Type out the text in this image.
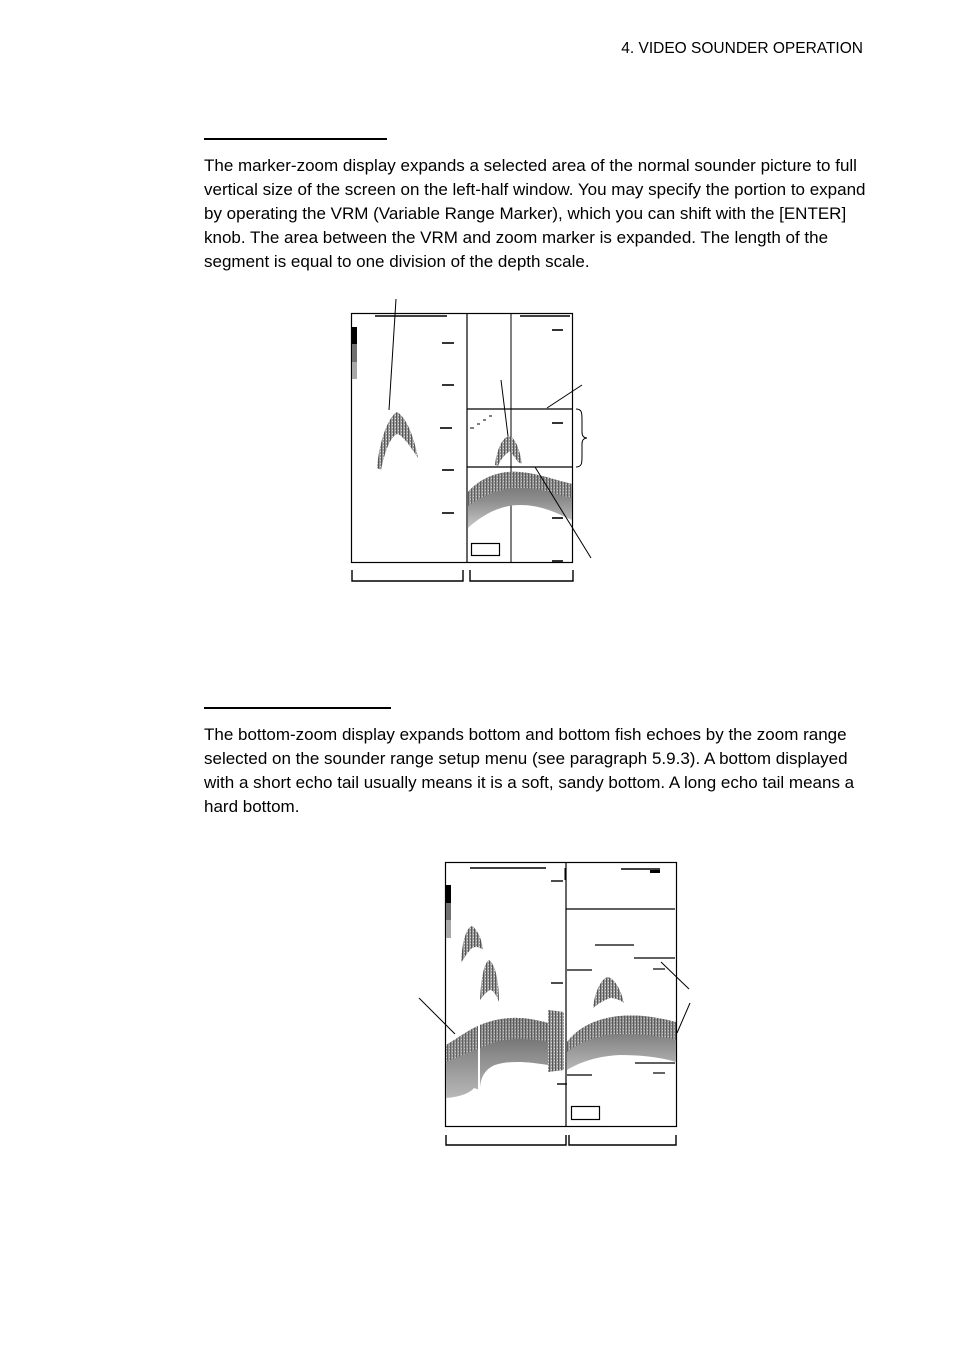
4. VIDEO SOUNDER OPERATION

The marker-zoom display expands a selected area of the normal sounder picture to full vertical size of the screen on the left-half window. You may specify the portion to expand by operating the VRM (Variable Range Marker), which you can shift with the [ENTER] knob. The area between the VRM and zoom marker is expanded. The length of the segment is equal to one division of the depth scale.

The bottom-zoom display expands bottom and bottom fish echoes by the zoom range selected on the sounder range setup menu (see paragraph 5.9.3). A bottom displayed with a short echo tail usually means it is a soft, sandy bottom. A long echo tail means a hard bottom.
